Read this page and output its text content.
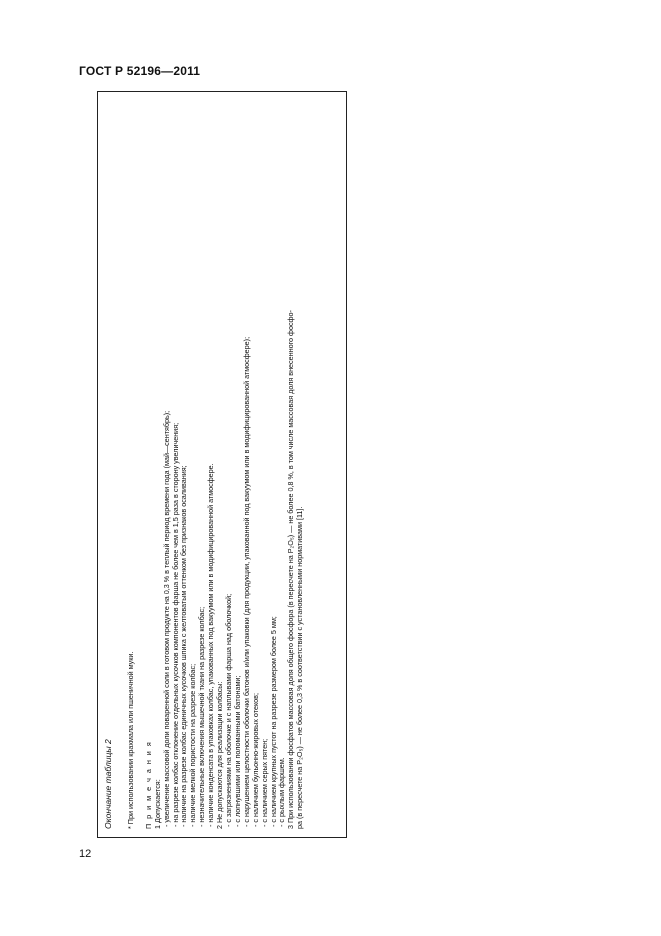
ГОСТ Р 52196—2011
Окончание таблицы 2 * При использовании крахмала или пшеничной муки. П р и м е ч а н и я 1 Допускается: - увеличение массовой доли поваренной соли в готовом продукте на 0,3 % в теплый период времени года (май—сентябрь); - на разрезе колбас отклонение отдельных кусочков компонентов фарша не более чем в 1,5 раза в сторону увеличения; - наличие на разрезе колбас единичных кусочков шпика с желтоватым оттенком без признаков осаливания; - наличие мелкой пористости на разрезе колбас; - незначительные включения мышечной ткани на разрезе колбас; - наличие конденсата в упаковках колбас, упакованных под вакуумом или в модифицированной атмосфере. 2 Не допускаются для реализации колбасы: - с загрязнениями на оболочке и с наплывами фарша над оболочкой; - с лопнувшими или поломанными батонами; - с нарушением целостности оболочки батонов и/или упаковки (для продукции, упакованной под вакуумом или в модифицированной атмосфере); - с наличием бульонно-жировых отеков; - с наличием серых пятен; - с наличием крупных пустот на разрезе размером более 5 мм; - с рыхлым фаршем. 3 При использовании фосфатов массовая доля общего фосфора (в пересчете на P₂O₅) — не более 0,8 %, в том числе массовая доля внесенного фосфо- ра (в пересчете на P₂O₅) — не более 0,3 % в соответствии с установленными нормативами [11].
12
